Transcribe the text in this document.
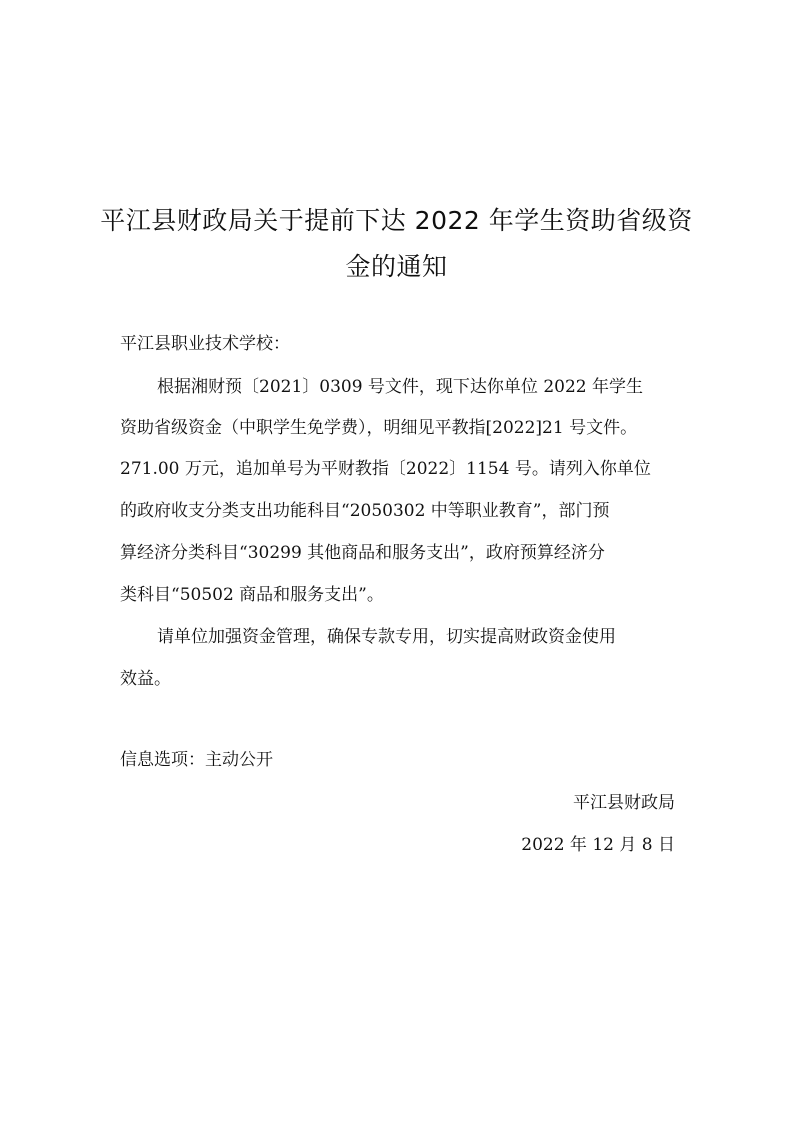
平江县财政局关于提前下达 2022 年学生资助省级资
金的通知
平江县职业技术学校：
根据湘财预〔2021〕0309 号文件，现下达你单位 2022 年学生
资助省级资金（中职学生免学费），明细见平教指[2022]21 号文件。
271.00 万元，追加单号为平财教指〔2022〕1154 号。请列入你单位
的政府收支分类支出功能科目“2050302 中等职业教育”，部门预
算经济分类科目“30299 其他商品和服务支出”，政府预算经济分
类科目“50502 商品和服务支出”。
请单位加强资金管理，确保专款专用，切实提高财政资金使用
效益。
信息选项：主动公开
平江县财政局
2022 年 12 月 8 日
